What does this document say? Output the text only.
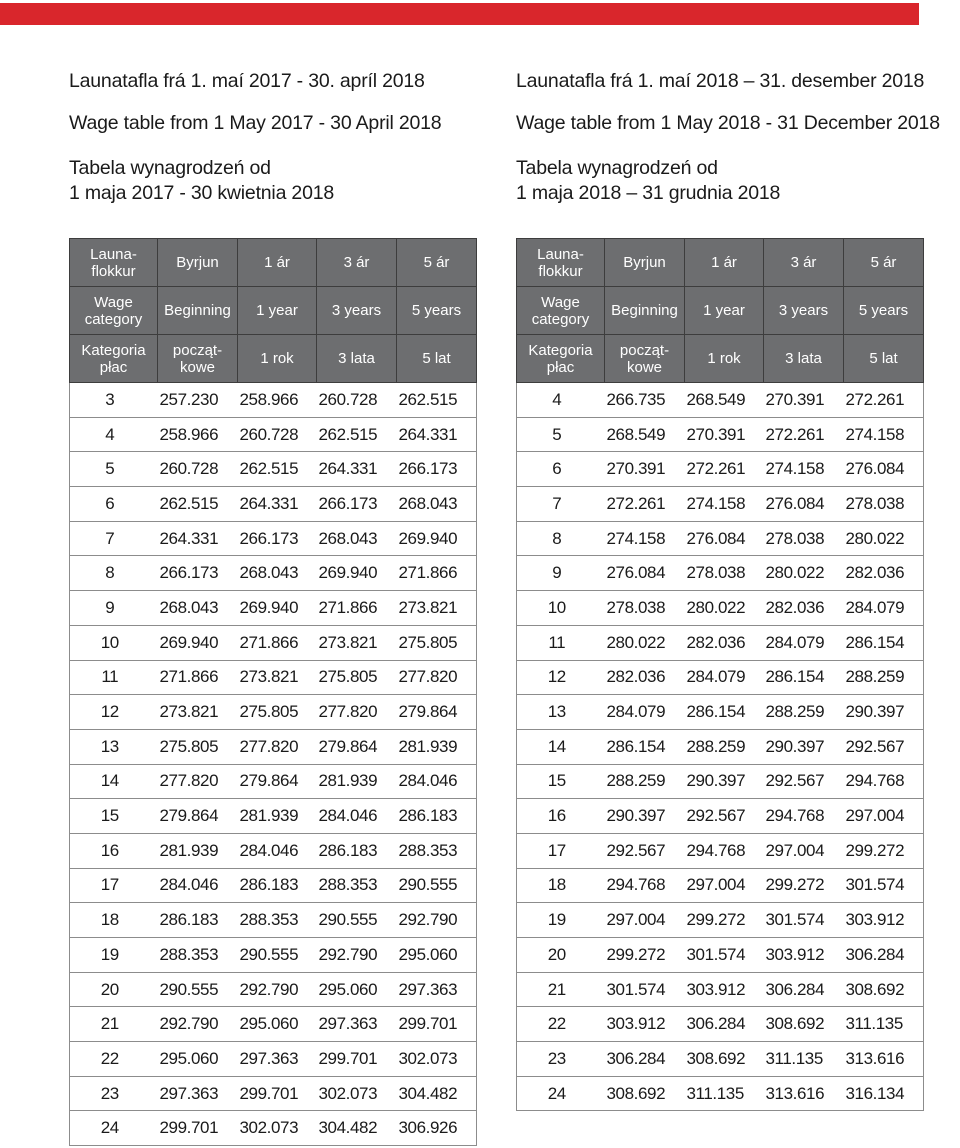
Launatafla frá 1. maí 2017 - 30. apríl 2018
Wage table from 1 May 2017 - 30 April 2018
Tabela wynagrodzeń od
1 maja 2017 - 30 kwietnia 2018
Launa-
flokkur	Byrjun	1 ár	3 ár	5 ár
Wage
category	Beginning	1 year	3 years	5 years
Kategoria
płac	począt-
kowe	1 rok	3 lata	5 lat
3	257.230	258.966	260.728	262.515
4	258.966	260.728	262.515	264.331
5	260.728	262.515	264.331	266.173
6	262.515	264.331	266.173	268.043
7	264.331	266.173	268.043	269.940
8	266.173	268.043	269.940	271.866
9	268.043	269.940	271.866	273.821
10	269.940	271.866	273.821	275.805
11	271.866	273.821	275.805	277.820
12	273.821	275.805	277.820	279.864
13	275.805	277.820	279.864	281.939
14	277.820	279.864	281.939	284.046
15	279.864	281.939	284.046	286.183
16	281.939	284.046	286.183	288.353
17	284.046	286.183	288.353	290.555
18	286.183	288.353	290.555	292.790
19	288.353	290.555	292.790	295.060
20	290.555	292.790	295.060	297.363
21	292.790	295.060	297.363	299.701
22	295.060	297.363	299.701	302.073
23	297.363	299.701	302.073	304.482
24	299.701	302.073	304.482	306.926
Launatafla frá 1. maí 2018 – 31. desember 2018
Wage table from 1 May 2018 - 31 December 2018
Tabela wynagrodzeń od
1 maja 2018 – 31 grudnia 2018
Launa-
flokkur	Byrjun	1 ár	3 ár	5 ár
Wage
category	Beginning	1 year	3 years	5 years
Kategoria
płac	począt-
kowe	1 rok	3 lata	5 lat
4	266.735	268.549	270.391	272.261
5	268.549	270.391	272.261	274.158
6	270.391	272.261	274.158	276.084
7	272.261	274.158	276.084	278.038
8	274.158	276.084	278.038	280.022
9	276.084	278.038	280.022	282.036
10	278.038	280.022	282.036	284.079
11	280.022	282.036	284.079	286.154
12	282.036	284.079	286.154	288.259
13	284.079	286.154	288.259	290.397
14	286.154	288.259	290.397	292.567
15	288.259	290.397	292.567	294.768
16	290.397	292.567	294.768	297.004
17	292.567	294.768	297.004	299.272
18	294.768	297.004	299.272	301.574
19	297.004	299.272	301.574	303.912
20	299.272	301.574	303.912	306.284
21	301.574	303.912	306.284	308.692
22	303.912	306.284	308.692	311.135
23	306.284	308.692	311.135	313.616
24	308.692	311.135	313.616	316.134
